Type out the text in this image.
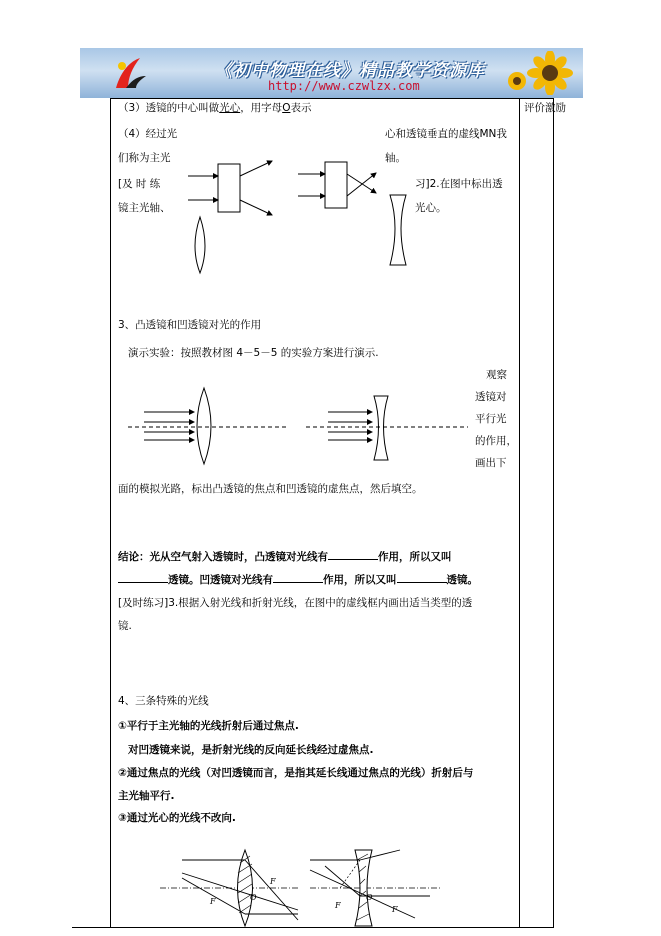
《初中物理在线》精品教学资源库
http://www.czwlzx.com
评价激励
（3）透镜的中心叫做光心，用字母O表示
（4）经过光	心和透镜垂直的虚线MN我
们称为主光	轴。
[及 时 练	习]2.在图中标出透
镜主光轴、	光心。
3、凸透镜和凹透镜对光的作用
演示实验：按照教材图 4－5－5 的实验方案进行演示.
观察
透镜对
平行光
的作用，
画出下
面的模拟光路，标出凸透镜的焦点和凹透镜的虚焦点，然后填空。
结论：光从空气射入透镜时，凸透镜对光线有	作用，所以又叫
透镜。凹透镜对光线有	作用，所以又叫	透镜。
[及时练习]3.根据入射光线和折射光线，在图中的虚线框内画出适当类型的透
镜.
4、三条特殊的光线
①平行于主光轴的光线折射后通过焦点.
对凹透镜来说，是折射光线的反向延长线经过虚焦点.
②通过焦点的光线（对凹透镜而言，是指其延长线通过焦点的光线）折射后与
主光轴平行.
③通过光心的光线不改向.
F
F	O
F	F
O
